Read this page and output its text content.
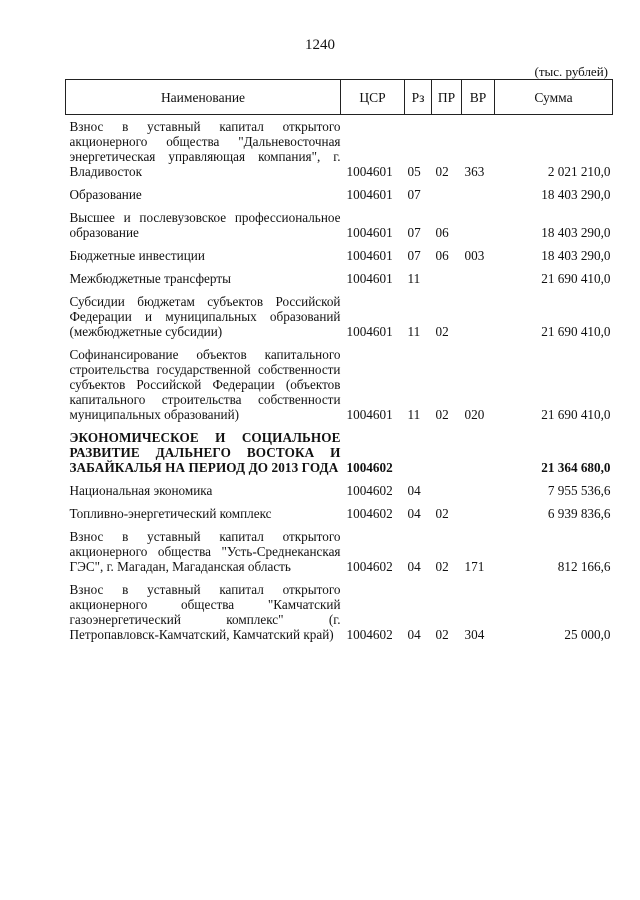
1240
(тыс. рублей)
Наименование	ЦСР	Рз	ПР	ВР	Сумма
Взнос в уставный капитал открытого акционерного общества "Дальневосточная энергетическая управляющая компания", г. Владивосток	1004601	05	02	363	2 021 210,0
Образование	1004601	07			18 403 290,0
Высшее и послевузовское профессиональное образование	1004601	07	06		18 403 290,0
Бюджетные инвестиции	1004601	07	06	003	18 403 290,0
Межбюджетные трансферты	1004601	11			21 690 410,0
Субсидии бюджетам субъектов Российской Федерации и муниципальных образований (межбюджетные субсидии)	1004601	11	02		21 690 410,0
Софинансирование объектов капитального строительства государственной собственности субъектов Российской Федерации (объектов капитального строительства собственности муниципальных образований)	1004601	11	02	020	21 690 410,0
ЭКОНОМИЧЕСКОЕ И СОЦИАЛЬНОЕ РАЗВИТИЕ ДАЛЬНЕГО ВОСТОКА И ЗАБАЙКАЛЬЯ НА ПЕРИОД ДО 2013 ГОДА	1004602				21 364 680,0
Национальная экономика	1004602	04			7 955 536,6
Топливно-энергетический комплекс	1004602	04	02		6 939 836,6
Взнос в уставный капитал открытого акционерного общества "Усть-Среднеканская ГЭС", г. Магадан, Магаданская область	1004602	04	02	171	812 166,6
Взнос в уставный капитал открытого акционерного общества "Камчатский газоэнергетический комплекс" (г. Петропавловск-Камчатский, Камчатский край)	1004602	04	02	304	25 000,0
